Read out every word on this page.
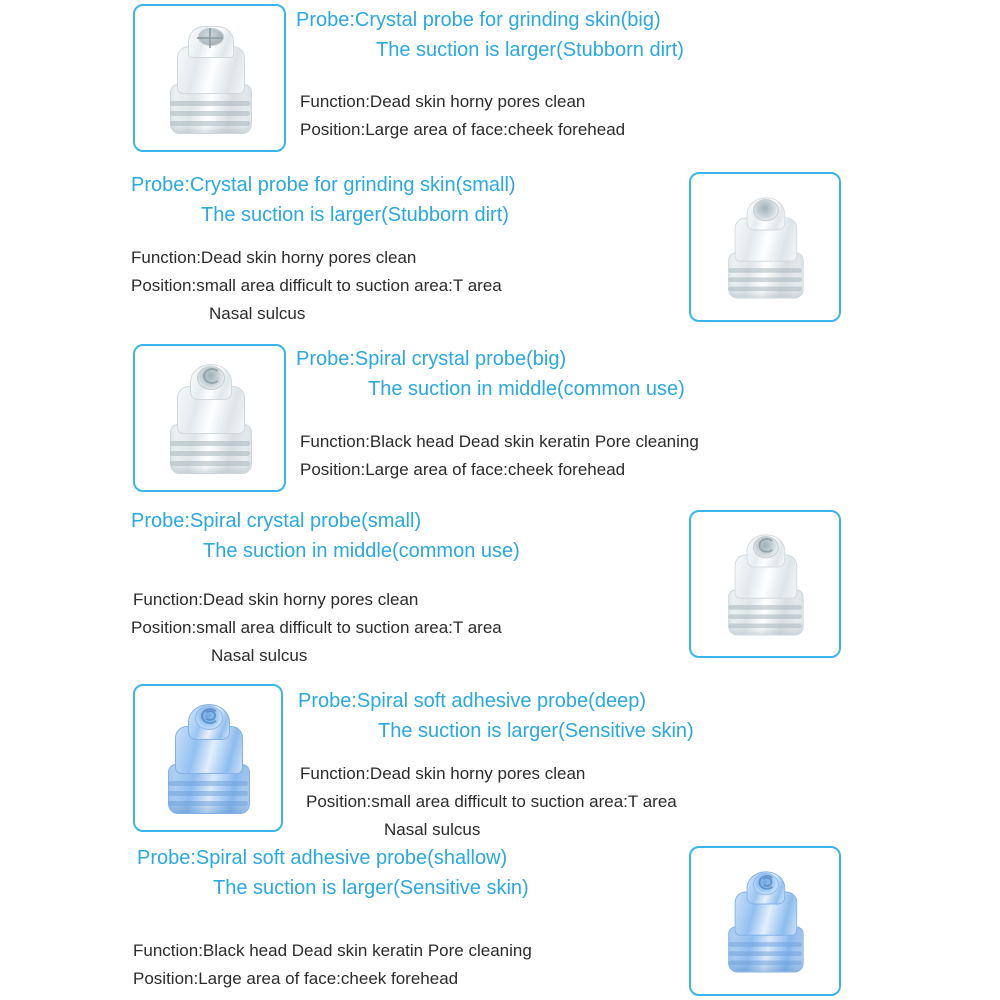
Probe:Crystal probe for grinding skin(big)
The suction is larger(Stubborn dirt)
Function:Dead skin horny pores clean
Position:Large area of face:cheek forehead
Probe:Crystal probe for grinding skin(small)
The suction is larger(Stubborn dirt)
Function:Dead skin horny pores clean
Position:small area difficult to suction area:T area
Nasal sulcus
Probe:Spiral crystal probe(big)
The suction in middle(common use)
Function:Black head Dead skin keratin Pore cleaning
Position:Large area of face:cheek forehead
Probe:Spiral crystal probe(small)
The suction in middle(common use)
Function:Dead skin horny pores clean
Position:small area difficult to suction area:T area
Nasal sulcus
Probe:Spiral soft adhesive probe(deep)
The suction is larger(Sensitive skin)
Function:Dead skin horny pores clean
Position:small area difficult to suction area:T area
Nasal sulcus
Probe:Spiral soft adhesive probe(shallow)
The suction is larger(Sensitive skin)
Function:Black head Dead skin keratin Pore cleaning
Position:Large area of face:cheek forehead
